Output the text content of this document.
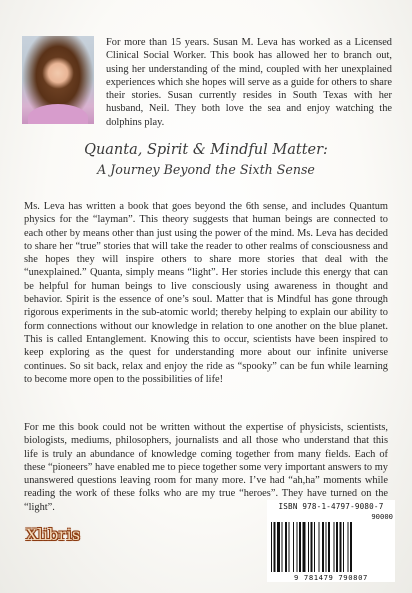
For more than 15 years. Susan M. Leva has worked as a Licensed Clinical Social Worker. This book has allowed her to branch out, using her understanding of the mind, coupled with her unexplained experiences which she hopes will serve as a guide for others to share their stories. Susan currently resides in South Texas with her husband, Neil. They both love the sea and enjoy watching the dolphins play.

Quanta, Spirit & Mindful Matter:

A Journey Beyond the Sixth Sense

Ms. Leva has written a book that goes beyond the 6th sense, and includes Quantum physics for the “layman”. This theory suggests that human beings are connected to each other by means other than just using the power of the mind. Ms. Leva has decided to share her “true” stories that will take the reader to other realms of consciousness and she hopes they will inspire others to share more stories that deal with the “unexplained.” Quanta, simply means “light”. Her stories include this energy that can be helpful for human beings to live consciously using awareness in thought and behavior. Spirit is the essence of one’s soul. Matter that is Mindful has gone through rigorous experiments in the sub-atomic world; thereby helping to explain our ability to form connections without our knowledge in relation to one another on the blue planet. This is called Entanglement. Knowing this to occur, scientists have been inspired to keep exploring as the quest for understanding more about our infinite universe continues. So sit back, relax and enjoy the ride as “spooky” can be fun while learning to become more open to the possibilities of life!

For me this book could not be written without the expertise of physicists, scientists, biologists, mediums, philosophers, journalists and all those who understand that this life is truly an abundance of knowledge coming together from many fields. Each of these “pioneers” have enabled me to piece together some very important answers to my unanswered questions leaving room for many more. I’ve had “ah,ha” moments while reading the work of these folks who are my true “heroes”. They have turned on the “light”.

Xlibris
ISBN 978-1-4797-9080-7
90000
9 781479 790807
